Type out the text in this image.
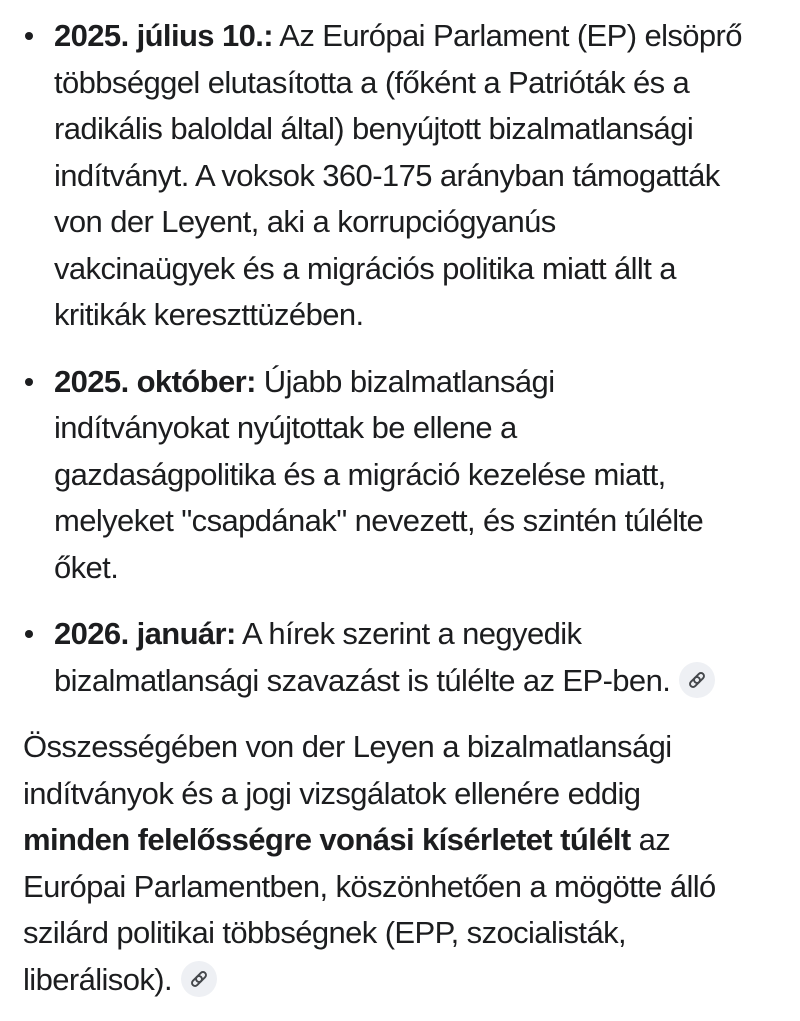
2025. július 10.: Az Európai Parlament (EP) elsöprő
többséggel elutasította a (főként a Patrióták és a
radikális baloldal által) benyújtott bizalmatlansági
indítványt. A voksok 360-175 arányban támogatták
von der Leyent, aki a korrupciógyanús
vakcinaügyek és a migrációs politika miatt állt a
kritikák kereszttüzében.
2025. október: Újabb bizalmatlansági
indítványokat nyújtottak be ellene a
gazdaságpolitika és a migráció kezelése miatt,
melyeket "csapdának" nevezett, és szintén túlélte
őket.
2026. január: A hírek szerint a negyedik
bizalmatlansági szavazást is túlélte az EP-ben.
Összességében von der Leyen a bizalmatlansági
indítványok és a jogi vizsgálatok ellenére eddig
minden felelősségre vonási kísérletet túlélt az
Európai Parlamentben, köszönhetően a mögötte álló
szilárd politikai többségnek (EPP, szocialisták,
liberálisok).
